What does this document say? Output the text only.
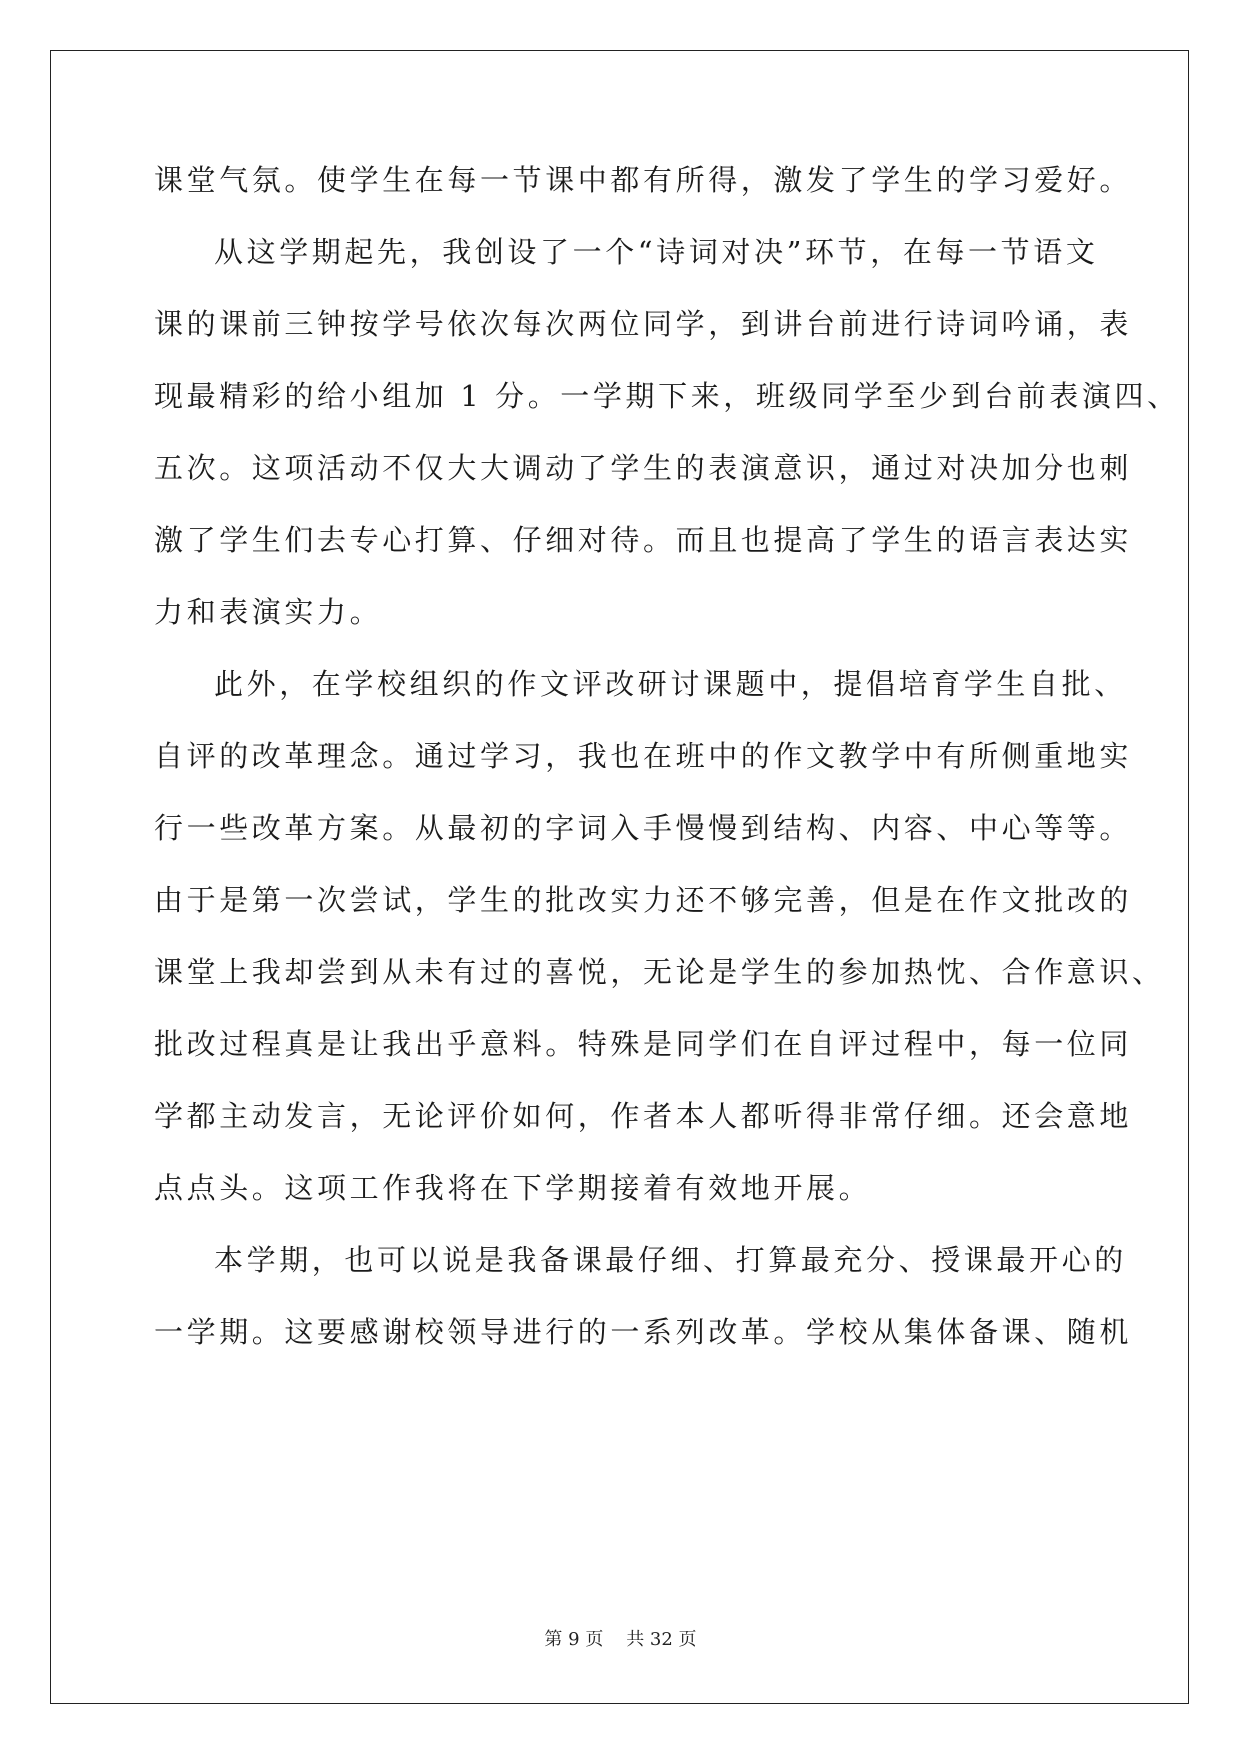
课堂气氛。使学生在每一节课中都有所得，激发了学生的学习爱好。
从这学期起先，我创设了一个“诗词对决”环节，在每一节语文
课的课前三钟按学号依次每次两位同学，到讲台前进行诗词吟诵，表
现最精彩的给小组加 1 分。一学期下来，班级同学至少到台前表演四、
五次。这项活动不仅大大调动了学生的表演意识，通过对决加分也刺
激了学生们去专心打算、仔细对待。而且也提高了学生的语言表达实
力和表演实力。
此外，在学校组织的作文评改研讨课题中，提倡培育学生自批、
自评的改革理念。通过学习，我也在班中的作文教学中有所侧重地实
行一些改革方案。从最初的字词入手慢慢到结构、内容、中心等等。
由于是第一次尝试，学生的批改实力还不够完善，但是在作文批改的
课堂上我却尝到从未有过的喜悦，无论是学生的参加热忱、合作意识、
批改过程真是让我出乎意料。特殊是同学们在自评过程中，每一位同
学都主动发言，无论评价如何，作者本人都听得非常仔细。还会意地
点点头。这项工作我将在下学期接着有效地开展。
本学期，也可以说是我备课最仔细、打算最充分、授课最开心的
一学期。这要感谢校领导进行的一系列改革。学校从集体备课、随机
第 9 页    共 32 页
